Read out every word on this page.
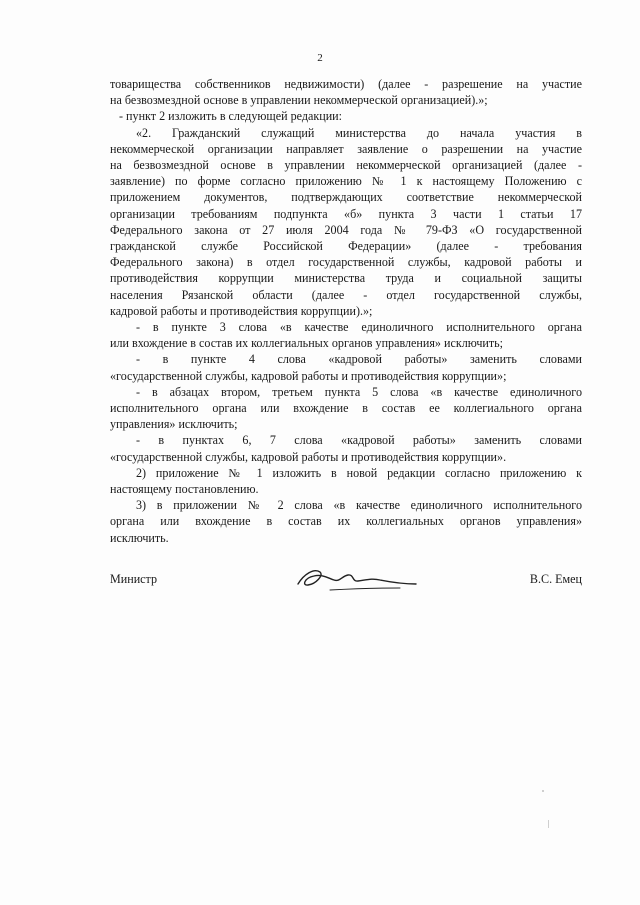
2
товарищества собственников недвижимости) (далее - разрешение на участие
на безвозмездной основе в управлении некоммерческой организацией).»;
- пункт 2 изложить в следующей редакции:
«2. Гражданский служащий министерства до начала участия в
некоммерческой организации направляет заявление о разрешении на участие
на безвозмездной основе в управлении некоммерческой организацией (далее -
заявление) по форме согласно приложению № 1 к настоящему Положению с
приложением документов, подтверждающих соответствие некоммерческой
организации требованиям подпункта «б» пункта 3 части 1 статьи 17
Федерального закона от 27 июля 2004 года № 79-ФЗ «О государственной
гражданской службе Российской Федерации» (далее - требования
Федерального закона) в отдел государственной службы, кадровой работы и
противодействия коррупции министерства труда и социальной защиты
населения Рязанской области (далее - отдел государственной службы,
кадровой работы и противодействия коррупции).»;
- в пункте 3 слова «в качестве единоличного исполнительного органа
или вхождение в состав их коллегиальных органов управления» исключить;
- в пункте 4 слова «кадровой работы» заменить словами
«государственной службы, кадровой работы и противодействия коррупции»;
- в абзацах втором, третьем пункта 5 слова «в качестве единоличного
исполнительного органа или вхождение в состав ее коллегиального органа
управления» исключить;
- в пунктах 6, 7 слова «кадровой работы» заменить словами
«государственной службы, кадровой работы и противодействия коррупции».
2) приложение № 1 изложить в новой редакции согласно приложению к
настоящему постановлению.
3) в приложении № 2 слова «в качестве единоличного исполнительного
органа или вхождение в состав их коллегиальных органов управления»
исключить.
Министр	В.С. Емец
